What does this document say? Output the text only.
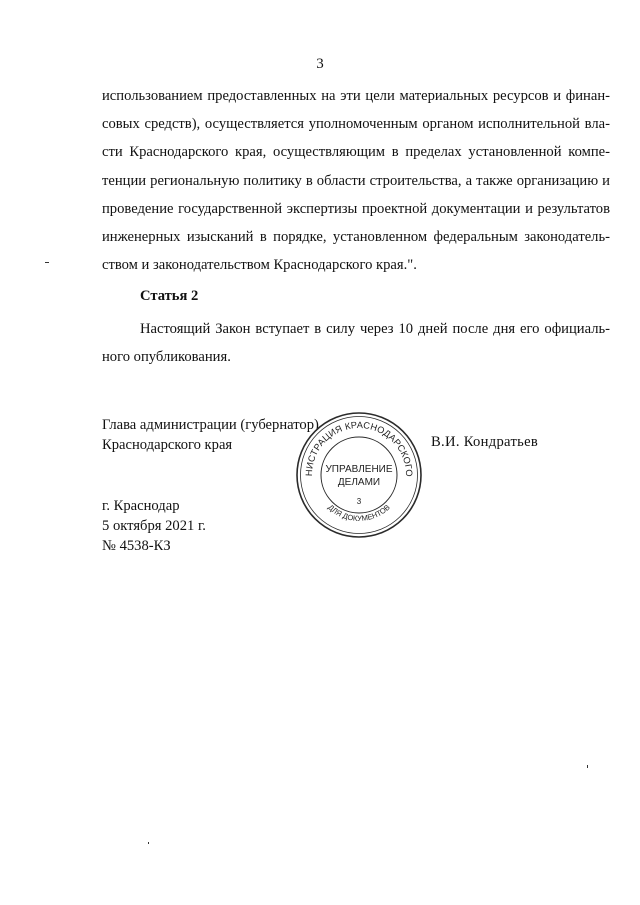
3
использованием предоставленных на эти цели материальных ресурсов и финан-
совых средств), осуществляется уполномоченным органом исполнительной вла-
сти Краснодарского края, осуществляющим в пределах установленной компе-
тенции региональную политику в области строительства, а также организацию и
проведение государственной экспертизы проектной документации и результатов
инженерных изысканий в порядке, установленном федеральным законодатель-
ством и законодательством Краснодарского края.".
Статья 2
Настоящий Закон вступает в силу через 10 дней после дня его официаль-
ного опубликования.
Глава администрации (губернатор)
Краснодарского края	В.И. Кондратьев
г. Краснодар
5 октября 2021 г.
№ 4538-КЗ
НИСТРАЦИЯ КРАСНОДАРСКОГО
ДЛЯ ДОКУМЕНТОВ
УПРАВЛЕНИЕ
ДЕЛАМИ
3
